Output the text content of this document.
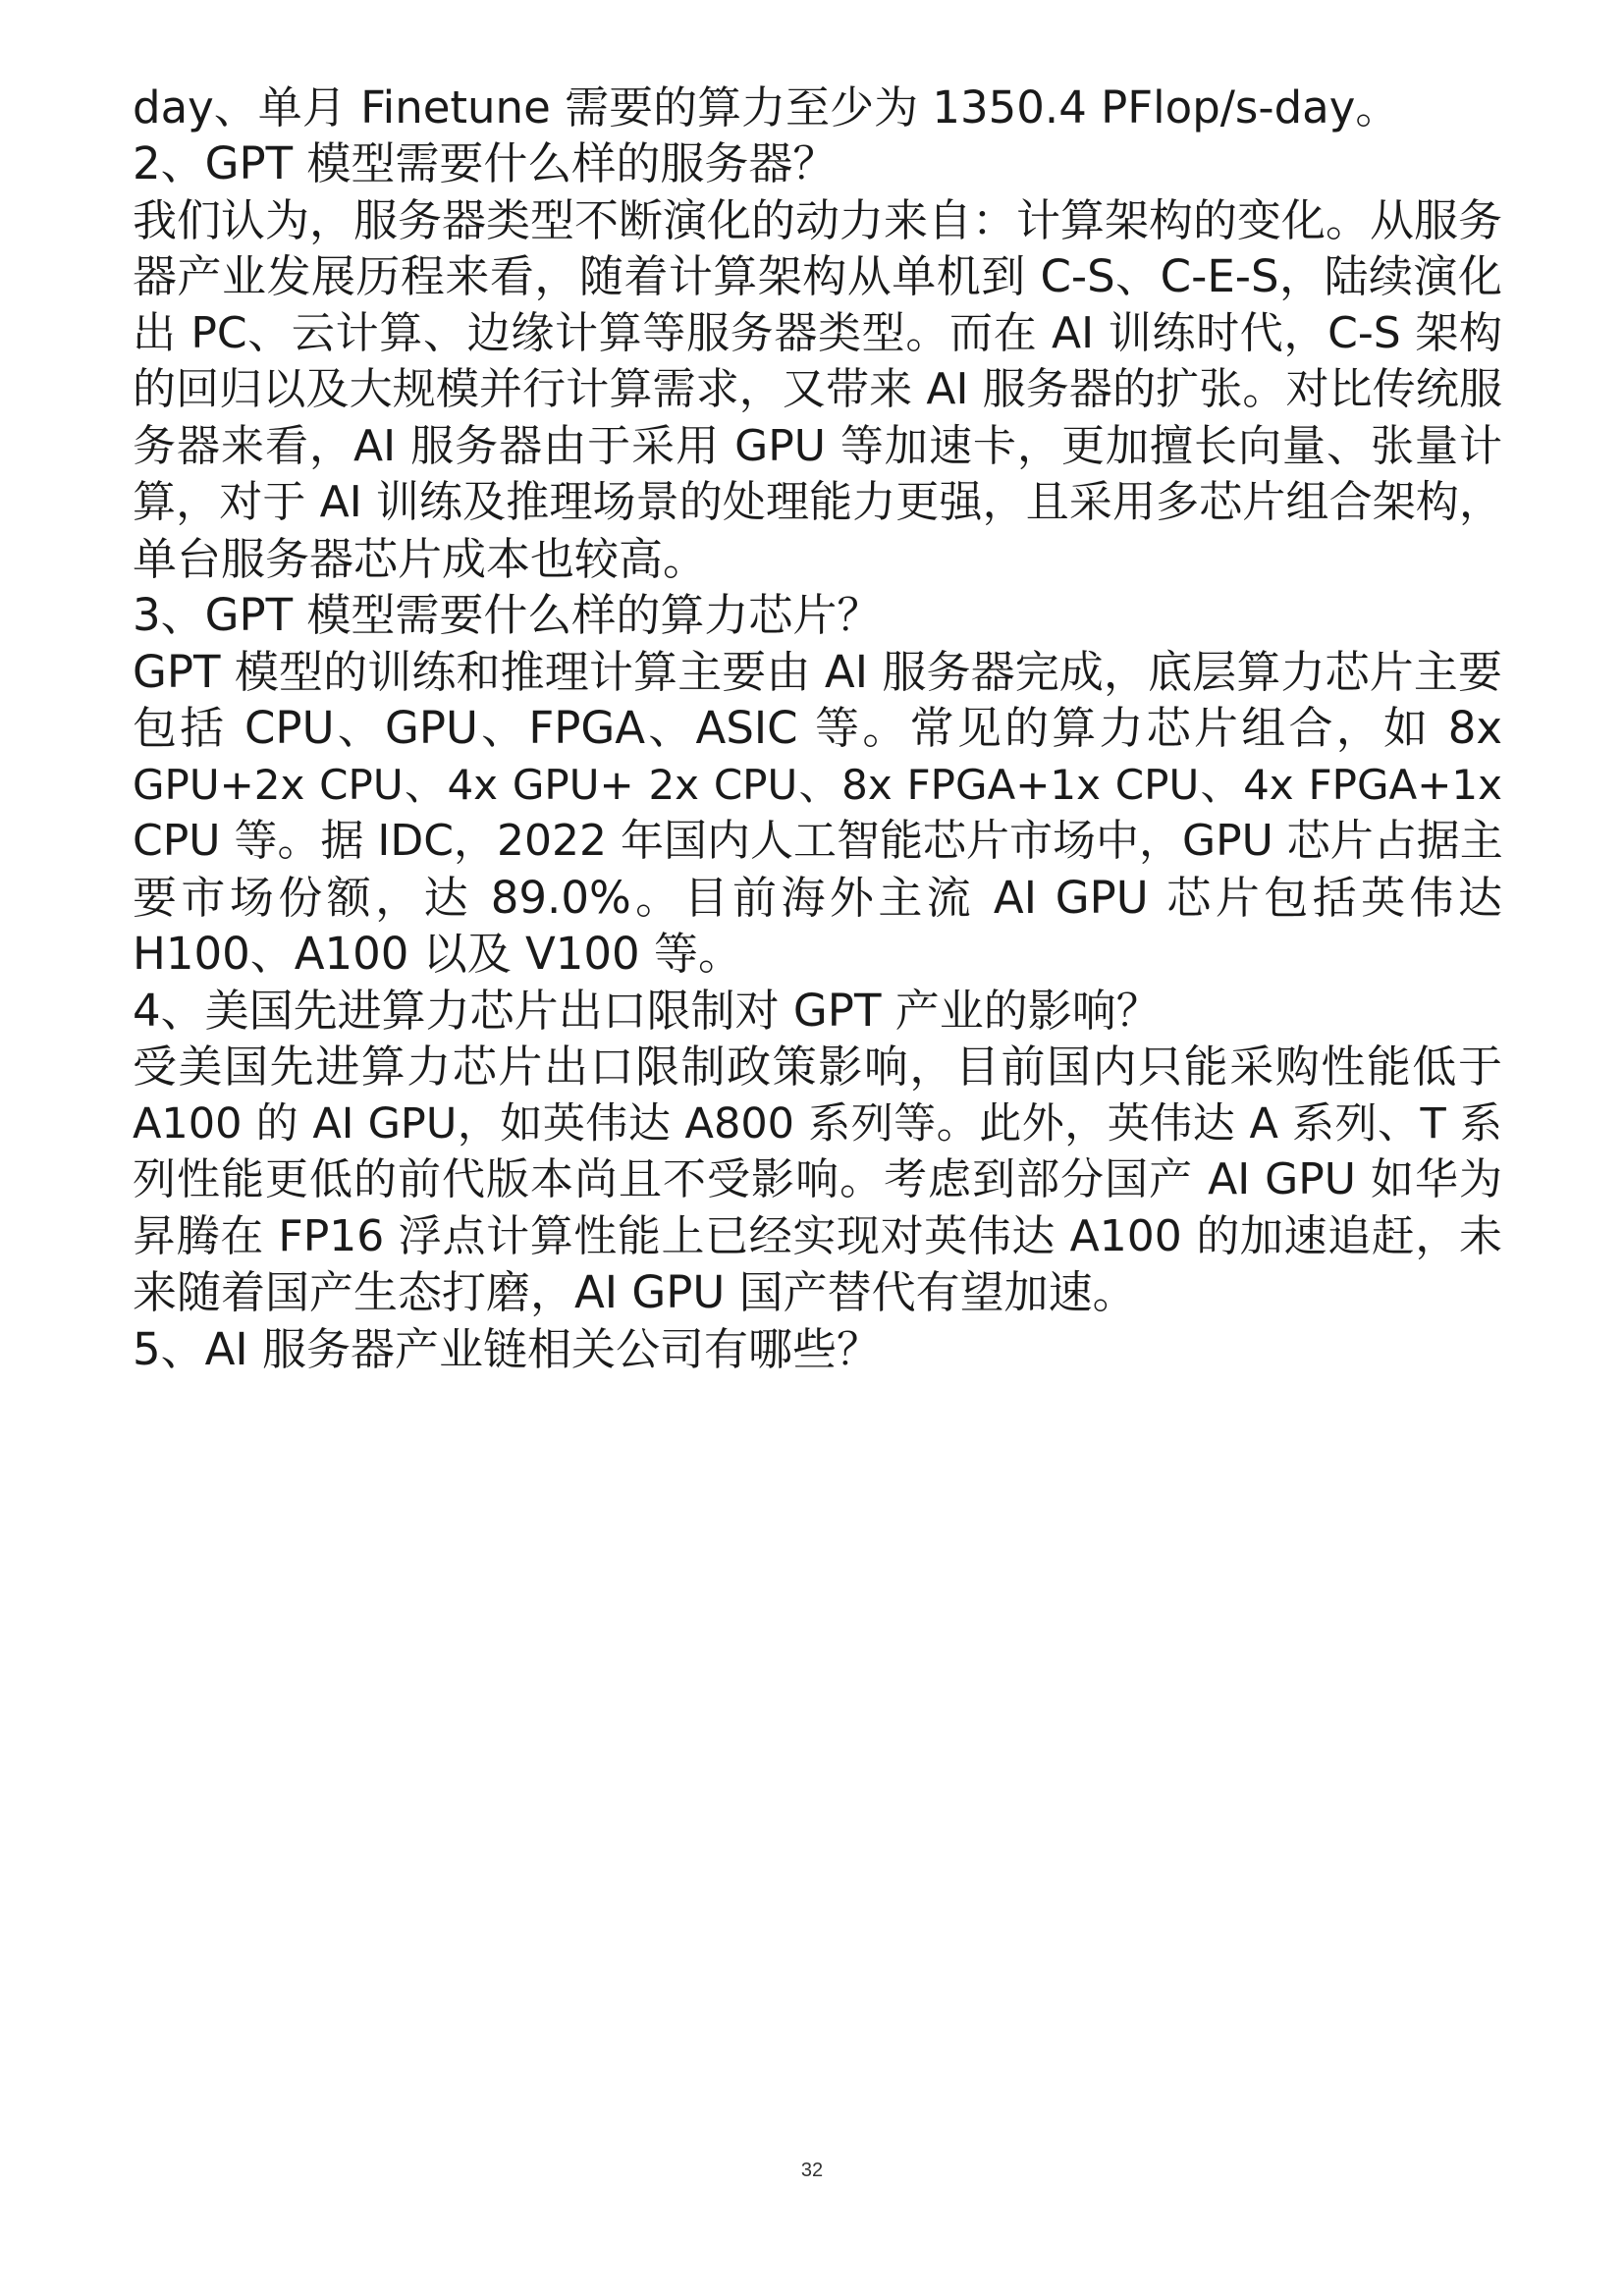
day、单月 Finetune 需要的算力至少为 1350.4 PFlop/s-day。
2、GPT 模型需要什么样的服务器？
我们认为，服务器类型不断演化的动力来自：计算架构的变化。从服务
器产业发展历程来看，随着计算架构从单机到 C-S、C-E-S，陆续演化
出 PC、云计算、边缘计算等服务器类型。而在 AI 训练时代，C-S 架构
的回归以及大规模并行计算需求，又带来 AI 服务器的扩张。对比传统服
务器来看，AI 服务器由于采用 GPU 等加速卡，更加擅长向量、张量计
算，对于 AI 训练及推理场景的处理能力更强，且采用多芯片组合架构，
单台服务器芯片成本也较高。
3、GPT 模型需要什么样的算力芯片？
GPT 模型的训练和推理计算主要由 AI 服务器完成，底层算力芯片主要
包括 CPU、GPU、FPGA、ASIC 等。常见的算力芯片组合，如 8x
GPU+2x CPU、4x GPU+ 2x CPU、8x FPGA+1x CPU、4x FPGA+1x
CPU 等。据 IDC，2022 年国内人工智能芯片市场中，GPU 芯片占据主
要市场份额，达 89.0%。目前海外主流 AI GPU 芯片包括英伟达
H100、A100 以及 V100 等。
4、美国先进算力芯片出口限制对 GPT 产业的影响？
受美国先进算力芯片出口限制政策影响，目前国内只能采购性能低于
A100 的 AI GPU，如英伟达 A800 系列等。此外，英伟达 A 系列、T 系
列性能更低的前代版本尚且不受影响。考虑到部分国产 AI GPU 如华为
昇腾在 FP16 浮点计算性能上已经实现对英伟达 A100 的加速追赶，未
来随着国产生态打磨，AI GPU 国产替代有望加速。
5、AI 服务器产业链相关公司有哪些？
32
